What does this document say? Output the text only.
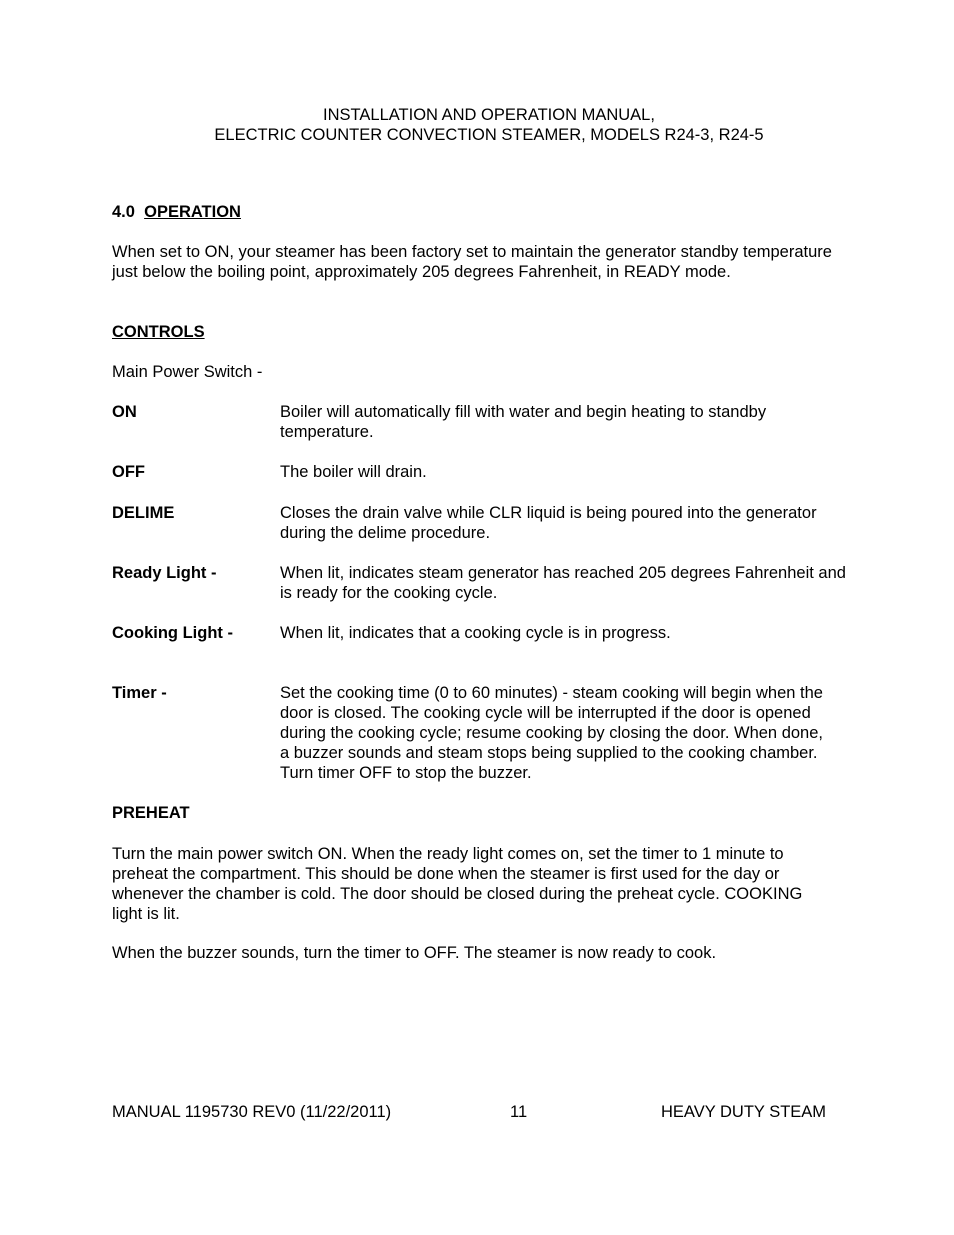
INSTALLATION AND OPERATION MANUAL,
ELECTRIC COUNTER CONVECTION STEAMER, MODELS R24-3, R24-5
4.0 OPERATION
When set to ON, your steamer has been factory set to maintain the generator standby temperature just below the boiling point, approximately 205 degrees Fahrenheit, in READY mode.
CONTROLS
Main Power Switch -
ON	Boiler will automatically fill with water and begin heating to standby temperature.
OFF	The boiler will drain.
DELIME	Closes the drain valve while CLR liquid is being poured into the generator during the delime procedure.
Ready Light -	When lit, indicates steam generator has reached 205 degrees Fahrenheit and is ready for the cooking cycle.
Cooking Light -	When lit, indicates that a cooking cycle is in progress.
Timer -	Set the cooking time (0 to 60 minutes) - steam cooking will begin when the door is closed. The cooking cycle will be interrupted if the door is opened during the cooking cycle; resume cooking by closing the door. When done, a buzzer sounds and steam stops being supplied to the cooking chamber. Turn timer OFF to stop the buzzer.
PREHEAT
Turn the main power switch ON. When the ready light comes on, set the timer to 1 minute to preheat the compartment. This should be done when the steamer is first used for the day or whenever the chamber is cold. The door should be closed during the preheat cycle. COOKING light is lit.
When the buzzer sounds, turn the timer to OFF. The steamer is now ready to cook.
MANUAL 1195730 REV0 (11/22/2011)	11	HEAVY DUTY STEAM
